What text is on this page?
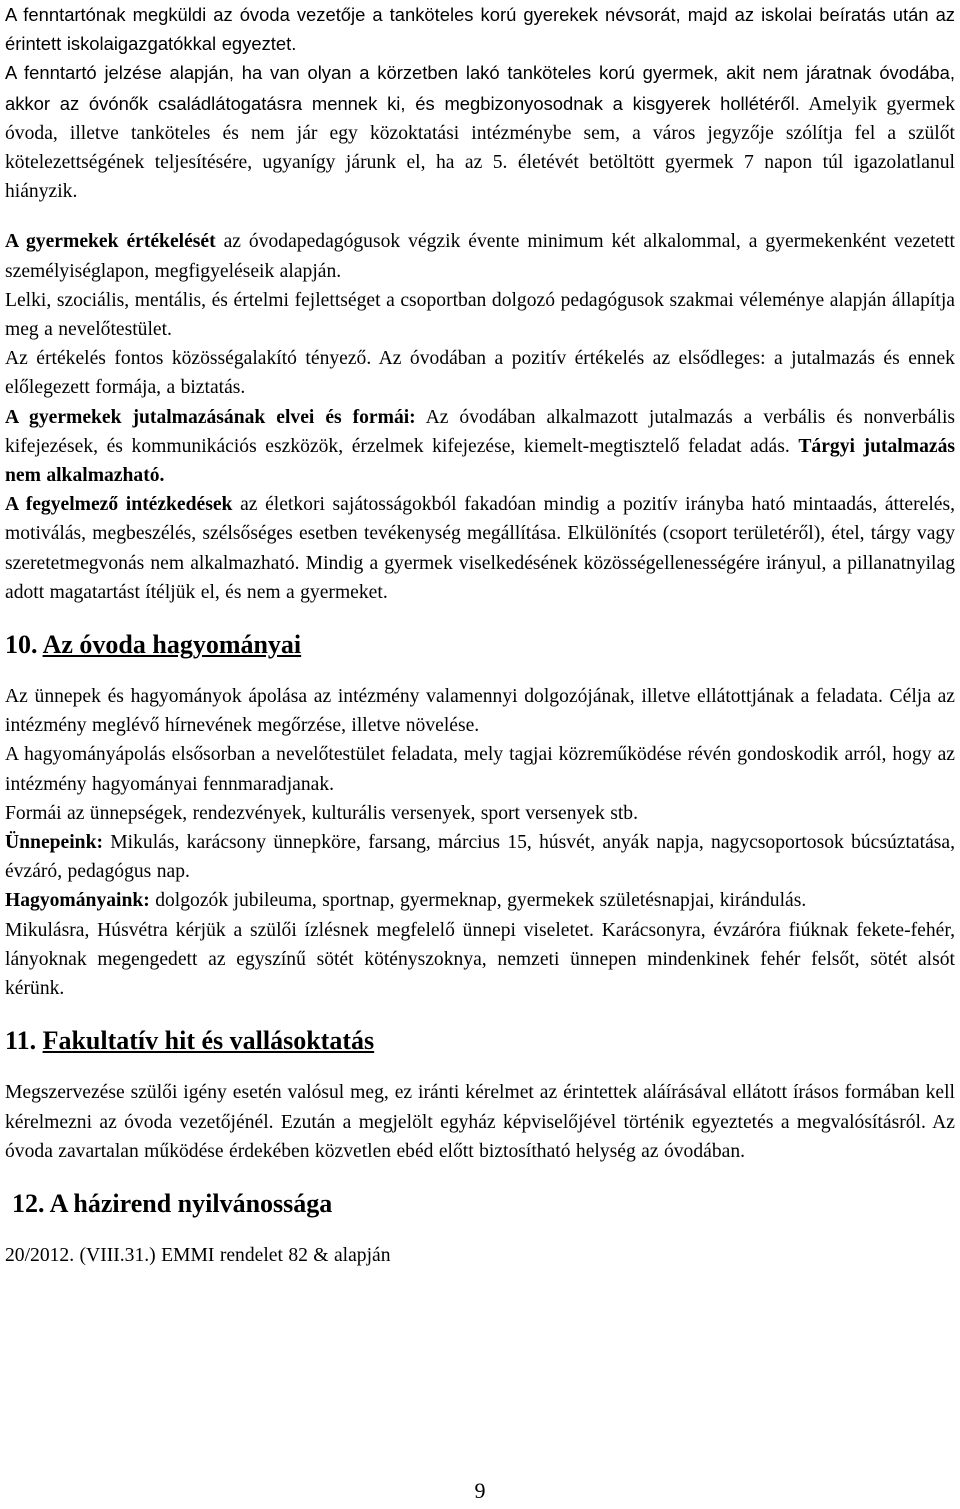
A fenntartónak megküldi az óvoda vezetője a tanköteles korú gyerekek névsorát, majd az iskolai beíratás után az érintett iskolaigazgatókkal egyeztet.

A fenntartó jelzése alapján, ha van olyan a körzetben lakó tanköteles korú gyermek, akit nem járatnak óvodába, akkor az óvónők családlátogatásra mennek ki, és megbizonyosodnak a kisgyerek hollétéről. Amelyik gyermek óvoda, illetve tanköteles és nem jár egy közoktatási intézménybe sem, a város jegyzője szólítja fel a szülőt kötelezettségének teljesítésére, ugyanígy járunk el, ha az 5. életévét betöltött gyermek 7 napon túl igazolatlanul hiányzik.

A gyermekek értékelését az óvodapedagógusok végzik évente minimum két alkalommal, a gyermekenként vezetett személyiséglapon, megfigyeléseik alapján.

Lelki, szociális, mentális, és értelmi fejlettséget a csoportban dolgozó pedagógusok szakmai véleménye alapján állapítja meg a nevelőtestület.

Az értékelés fontos közösségalakító tényező. Az óvodában a pozitív értékelés az elsődleges: a jutalmazás és ennek előlegezett formája, a biztatás.

A gyermekek jutalmazásának elvei és formái: Az óvodában alkalmazott jutalmazás a verbális és nonverbális kifejezések, és kommunikációs eszközök, érzelmek kifejezése, kiemelt-megtisztelő feladat adás. Tárgyi jutalmazás nem alkalmazható.

A fegyelmező intézkedések az életkori sajátosságokból fakadóan mindig a pozitív irányba ható mintaadás, átterelés, motiválás, megbeszélés, szélsőséges esetben tevékenység megállítása. Elkülönítés (csoport területéről), étel, tárgy vagy szeretetmegvonás nem alkalmazható. Mindig a gyermek viselkedésének közösségellenességére irányul, a pillanatnyilag adott magatartást ítéljük el, és nem a gyermeket.

10. Az óvoda hagyományai

Az ünnepek és hagyományok ápolása az intézmény valamennyi dolgozójának, illetve ellátottjának a feladata. Célja az intézmény meglévő hírnevének megőrzése, illetve növelése.

A hagyományápolás elsősorban a nevelőtestület feladata, mely tagjai közreműködése révén gondoskodik arról, hogy az intézmény hagyományai fennmaradjanak.

Formái az ünnepségek, rendezvények, kulturális versenyek, sport versenyek stb.

Ünnepeink: Mikulás, karácsony ünnepköre, farsang, március 15, húsvét, anyák napja, nagycsoportosok búcsúztatása, évzáró, pedagógus nap.

Hagyományaink: dolgozók jubileuma, sportnap, gyermeknap, gyermekek születésnapjai, kirándulás.

Mikulásra, Húsvétra kérjük a szülői ízlésnek megfelelő ünnepi viseletet. Karácsonyra, évzáróra fiúknak fekete-fehér, lányoknak megengedett az egyszínű sötét kötényszoknya, nemzeti ünnepen mindenkinek fehér felsőt, sötét alsót kérünk.

11. Fakultatív hit és vallásoktatás

Megszervezése szülői igény esetén valósul meg, ez iránti kérelmet az érintettek aláírásával ellátott írásos formában kell kérelmezni az óvoda vezetőjénél. Ezután a megjelölt egyház képviselőjével történik egyeztetés a megvalósításról. Az óvoda zavartalan működése érdekében közvetlen ebéd előtt biztosítható helység az óvodában.

12. A házirend nyilvánossága

20/2012. (VIII.31.) EMMI rendelet 82 & alapján

9
